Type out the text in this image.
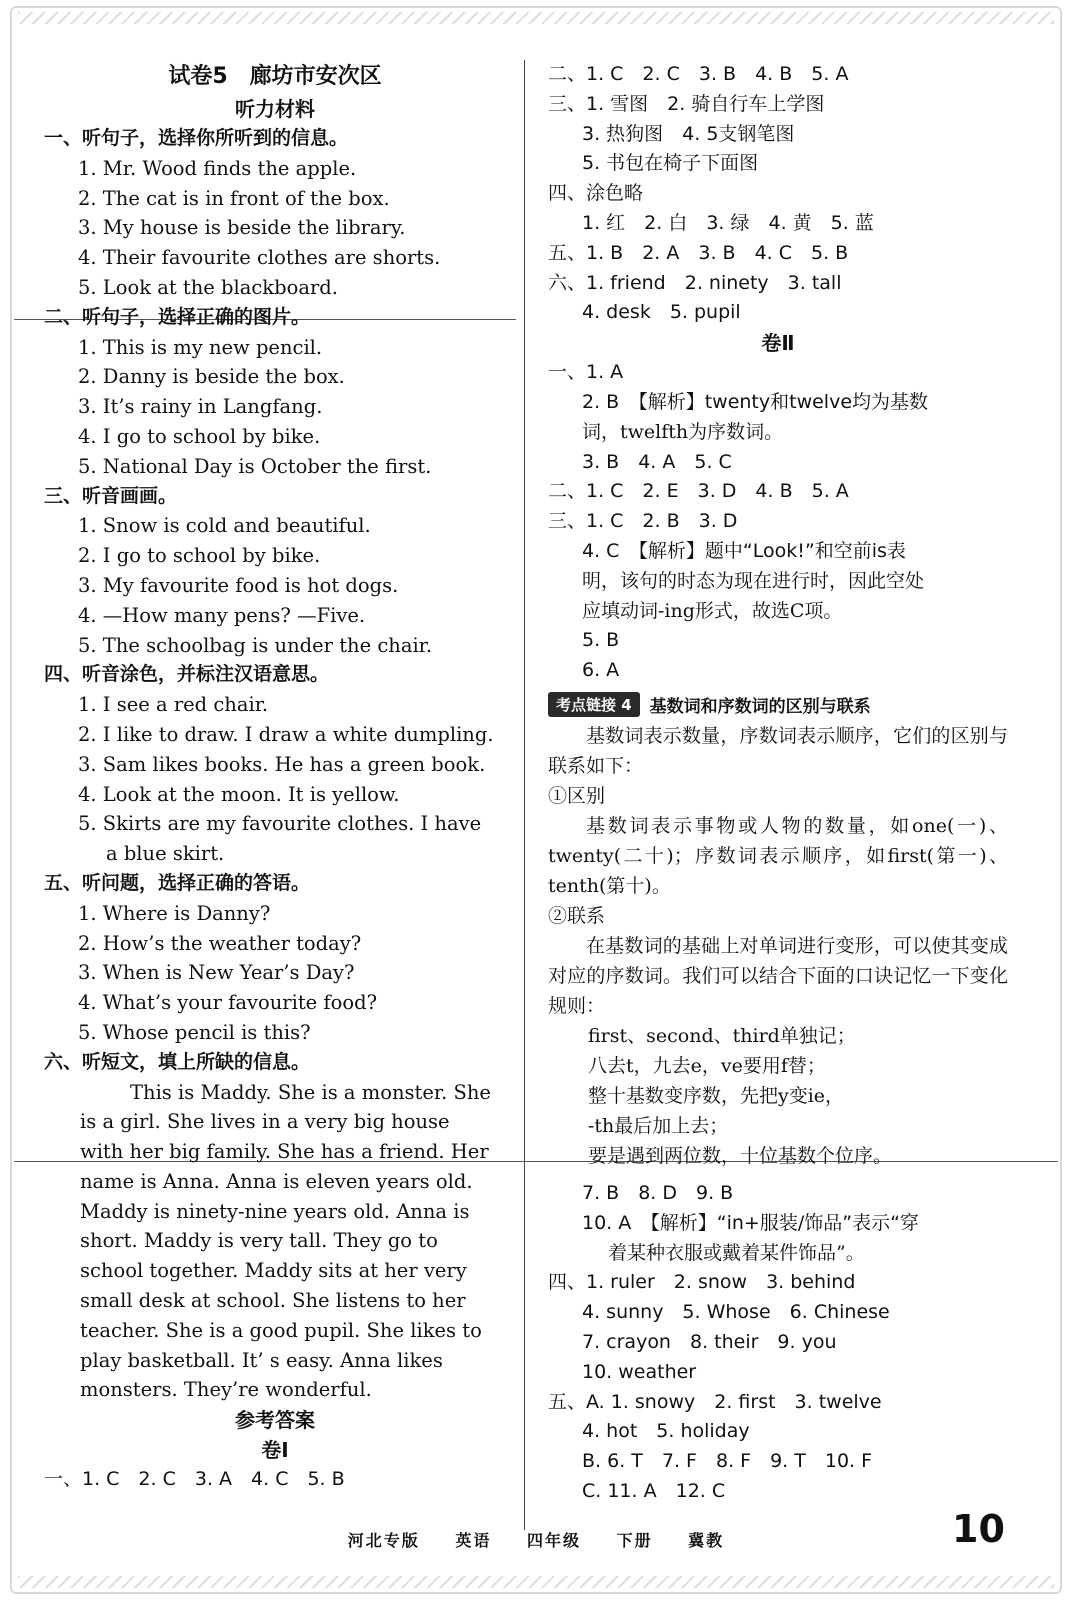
试卷5　廊坊市安次区
听力材料
一、听句子，选择你所听到的信息。
1. Mr. Wood finds the apple.
2. The cat is in front of the box.
3. My house is beside the library.
4. Their favourite clothes are shorts.
5. Look at the blackboard.
二、听句子，选择正确的图片。
1. This is my new pencil.
2. Danny is beside the box.
3. It’s rainy in Langfang.
4. I go to school by bike.
5. National Day is October the first.
三、听音画画。
1. Snow is cold and beautiful.
2. I go to school by bike.
3. My favourite food is hot dogs.
4. —How many pens? —Five.
5. The schoolbag is under the chair.
四、听音涂色，并标注汉语意思。
1. I see a red chair.
2. I like to draw. I draw a white dumpling.
3. Sam likes books. He has a green book.
4. Look at the moon. It is yellow.
5. Skirts are my favourite clothes. I have
a blue skirt.
五、听问题，选择正确的答语。
1. Where is Danny?
2. How’s the weather today?
3. When is New Year’s Day?
4. What’s your favourite food?
5. Whose pencil is this?
六、听短文，填上所缺的信息。
This is Maddy. She is a monster. She
is a girl. She lives in a very big house
with her big family. She has a friend. Her
name is Anna. Anna is eleven years old.
Maddy is ninety-nine years old. Anna is
short. Maddy is very tall. They go to
school together. Maddy sits at her very
small desk at school. She listens to her
teacher. She is a good pupil. She likes to
play basketball. It’ s easy. Anna likes
monsters. They’re wonderful.
参考答案
卷Ⅰ
一、1. C　2. C　3. A　4. C　5. B
二、1. C　2. C　3. B　4. B　5. A
三、1. 雪图　2. 骑自行车上学图
3. 热狗图　4. 5支钢笔图
5. 书包在椅子下面图
四、涂色略
1. 红　2. 白　3. 绿　4. 黄　5. 蓝
五、1. B　2. A　3. B　4. C　5. B
六、1. friend　2. ninety　3. tall
4. desk　5. pupil
卷Ⅱ
一、1. A
2. B　【解析】twenty和twelve均为基数
词，twelfth为序数词。
3. B　4. A　5. C
二、1. C　2. E　3. D　4. B　5. A
三、1. C　2. B　3. D
4. C　【解析】题中“Look!”和空前is表
明，该句的时态为现在进行时，因此空处
应填动词-ing形式，故选C项。
5. B
6. A
考点链接 4	基数词和序数词的区别与联系
基数词表示数量，序数词表示顺序，它们的区别与联系如下：
①区别
基数词表示事物或人物的数量，如one(一)、twenty(二十)；序数词表示顺序，如first(第一)、tenth(第十)。
②联系
在基数词的基础上对单词进行变形，可以使其变成对应的序数词。我们可以结合下面的口诀记忆一下变化规则：
first、second、third单独记；
八去t，九去e，ve要用f替；
整十基数变序数，先把y变ie，
-th最后加上去；
要是遇到两位数，十位基数个位序。
7. B　8. D　9. B
10. A　【解析】“in+服装/饰品”表示“穿
着某种衣服或戴着某件饰品”。
四、1. ruler　2. snow　3. behind
4. sunny　5. Whose　6. Chinese
7. crayon　8. their　9. you
10. weather
五、A. 1. snowy　2. first　3. twelve
4. hot　5. holiday
B. 6. T　7. F　8. F　9. T　10. F
C. 11. A　12. C
河北专版 英语 四年级 下册 冀教	10
